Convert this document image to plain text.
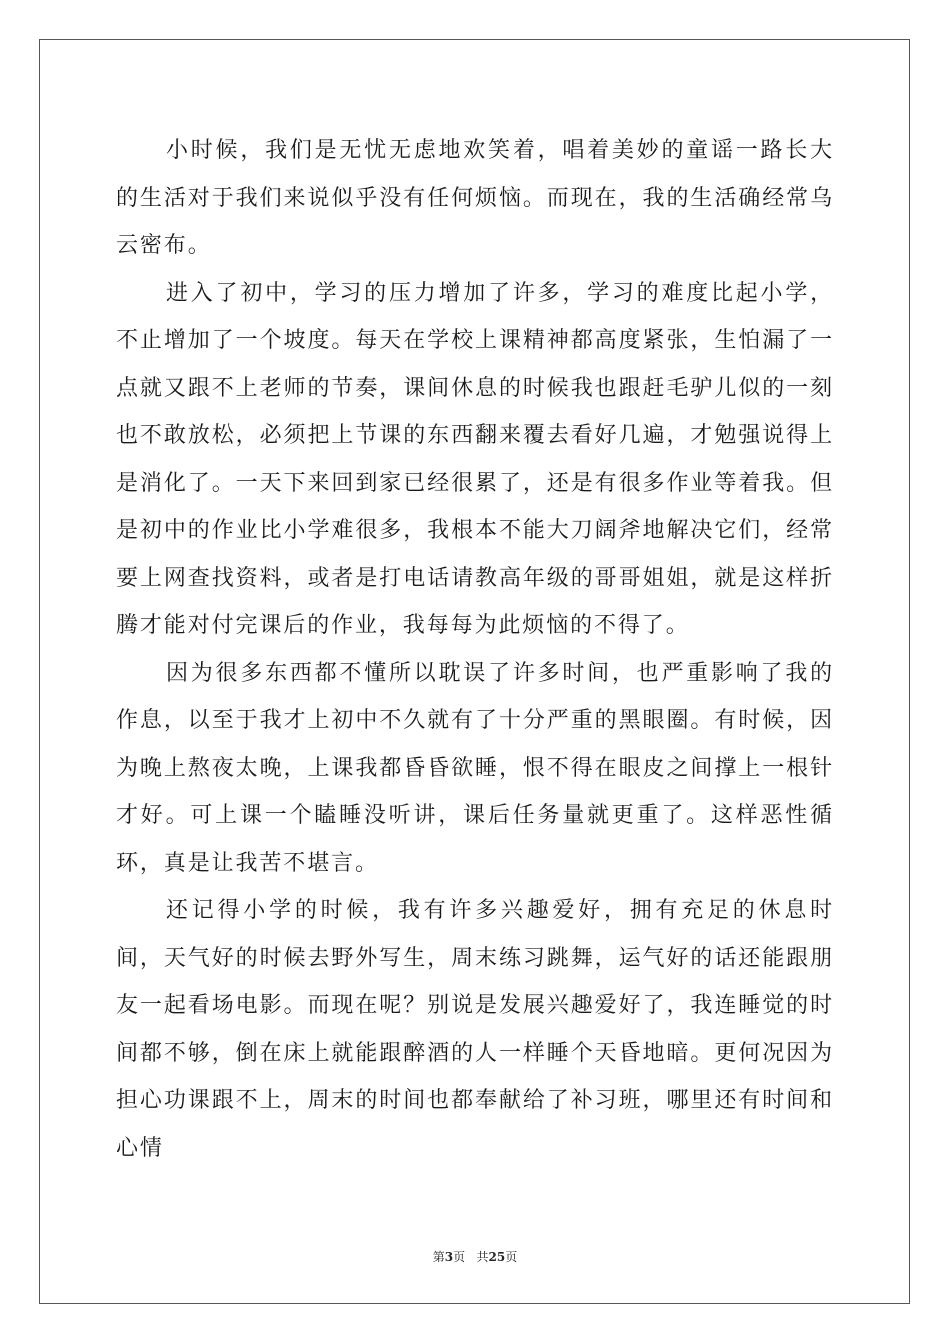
小时候，我们是无忧无虑地欢笑着，唱着美妙的童谣一路长大的生活对于我们来说似乎没有任何烦恼。而现在，我的生活确经常乌云密布。

进入了初中，学习的压力增加了许多，学习的难度比起小学，不止增加了一个坡度。每天在学校上课精神都高度紧张，生怕漏了一点就又跟不上老师的节奏，课间休息的时候我也跟赶毛驴儿似的一刻也不敢放松，必须把上节课的东西翻来覆去看好几遍，才勉强说得上是消化了。一天下来回到家已经很累了，还是有很多作业等着我。但是初中的作业比小学难很多，我根本不能大刀阔斧地解决它们，经常要上网查找资料，或者是打电话请教高年级的哥哥姐姐，就是这样折腾才能对付完课后的作业，我每每为此烦恼的不得了。

因为很多东西都不懂所以耽误了许多时间，也严重影响了我的作息，以至于我才上初中不久就有了十分严重的黑眼圈。有时候，因为晚上熬夜太晚，上课我都昏昏欲睡，恨不得在眼皮之间撑上一根针才好。可上课一个瞌睡没听讲，课后任务量就更重了。这样恶性循环，真是让我苦不堪言。

还记得小学的时候，我有许多兴趣爱好，拥有充足的休息时间，天气好的时候去野外写生，周末练习跳舞，运气好的话还能跟朋友一起看场电影。而现在呢？别说是发展兴趣爱好了，我连睡觉的时间都不够，倒在床上就能跟醉酒的人一样睡个天昏地暗。更何况因为担心功课跟不上，周末的时间也都奉献给了补习班，哪里还有时间和心情

第3页   共25页
